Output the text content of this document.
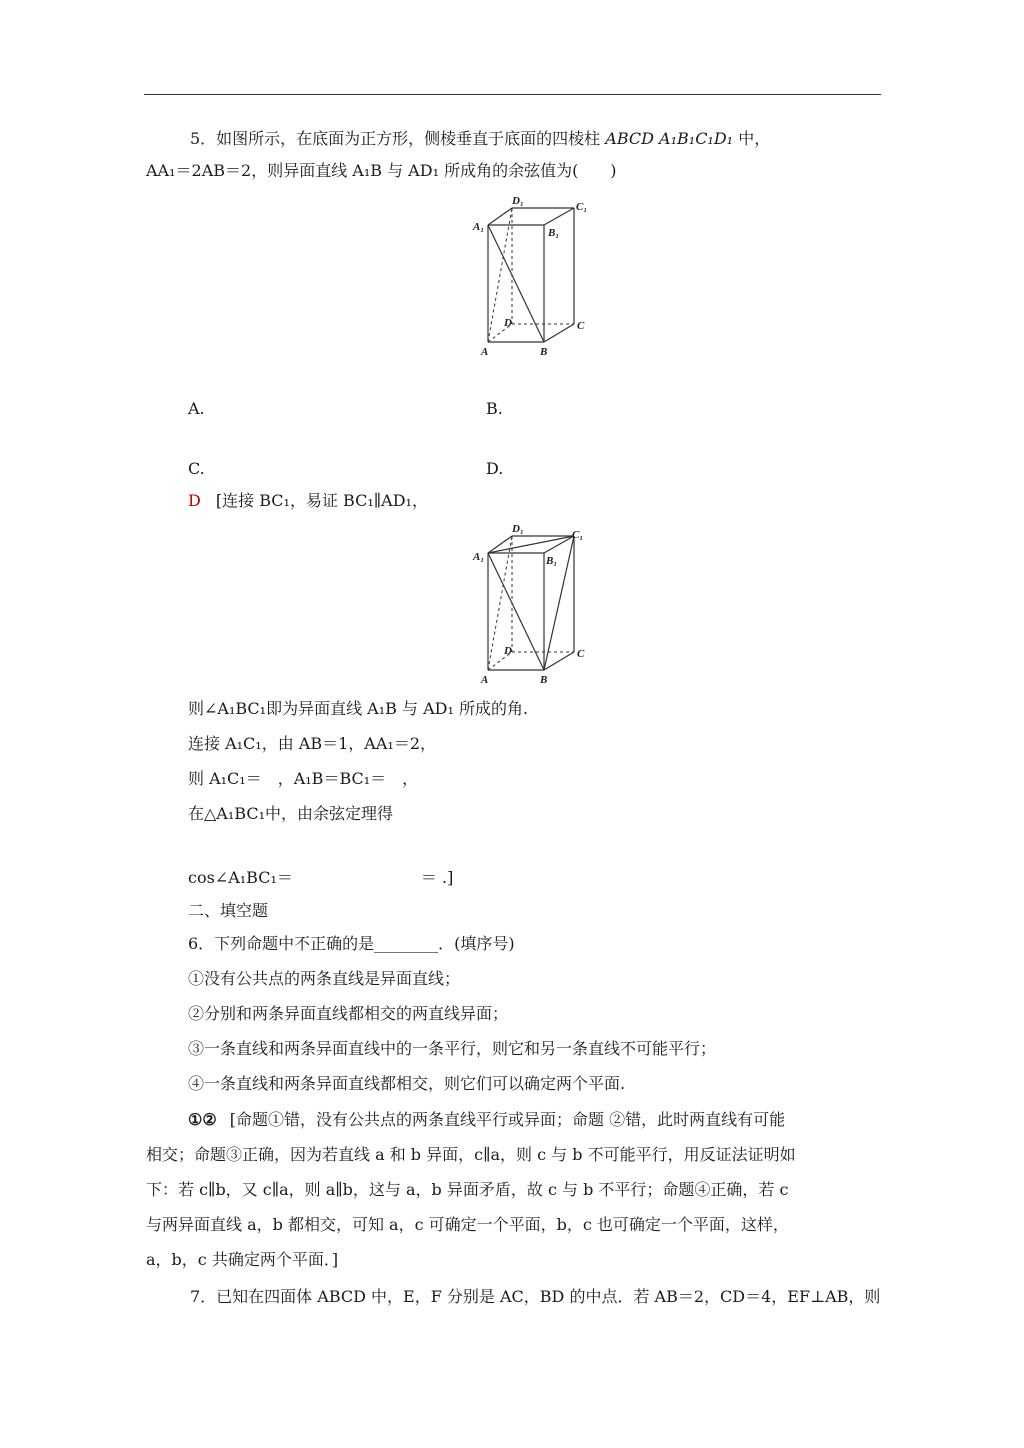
5．如图所示，在底面为正方形，侧棱垂直于底面的四棱柱 ABCD A₁B₁C₁D₁ 中，
AA₁＝2AB＝2，则异面直线 A₁B 与 AD₁ 所成角的余弦值为(　　)
D₁	C₁
A₁	B₁
D	C
A	B
A.	B.
C.	D.
D [连接 BC₁，易证 BC₁∥AD₁，
D₁	C₁
A₁	B₁
D	C
A	B
则∠A₁BC₁即为异面直线 A₁B 与 AD₁ 所成的角.
连接 A₁C₁，由 AB＝1，AA₁＝2，
则 A₁C₁＝　，A₁B＝BC₁＝　，
在△A₁BC₁中，由余弦定理得
cos∠A₁BC₁＝　　　　　　　　＝ .]
二、填空题
6．下列命题中不正确的是________．(填序号)
①没有公共点的两条直线是异面直线；
②分别和两条异面直线都相交的两直线异面；
③一条直线和两条异面直线中的一条平行，则它和另一条直线不可能平行；
④一条直线和两条异面直线都相交，则它们可以确定两个平面.
①② [命题①错，没有公共点的两条直线平行或异面；命题 ②错，此时两直线有可能
相交；命题③正确，因为若直线 a 和 b 异面，c∥a，则 c 与 b 不可能平行，用反证法证明如
下：若 c∥b，又 c∥a，则 a∥b，这与 a，b 异面矛盾，故 c 与 b 不平行；命题④正确，若 c
与两异面直线 a，b 都相交，可知 a，c 可确定一个平面，b，c 也可确定一个平面，这样，
a，b，c 共确定两个平面．]
7．已知在四面体 ABCD 中，E，F 分别是 AC，BD 的中点．若 AB＝2，CD＝4，EF⊥AB，则
